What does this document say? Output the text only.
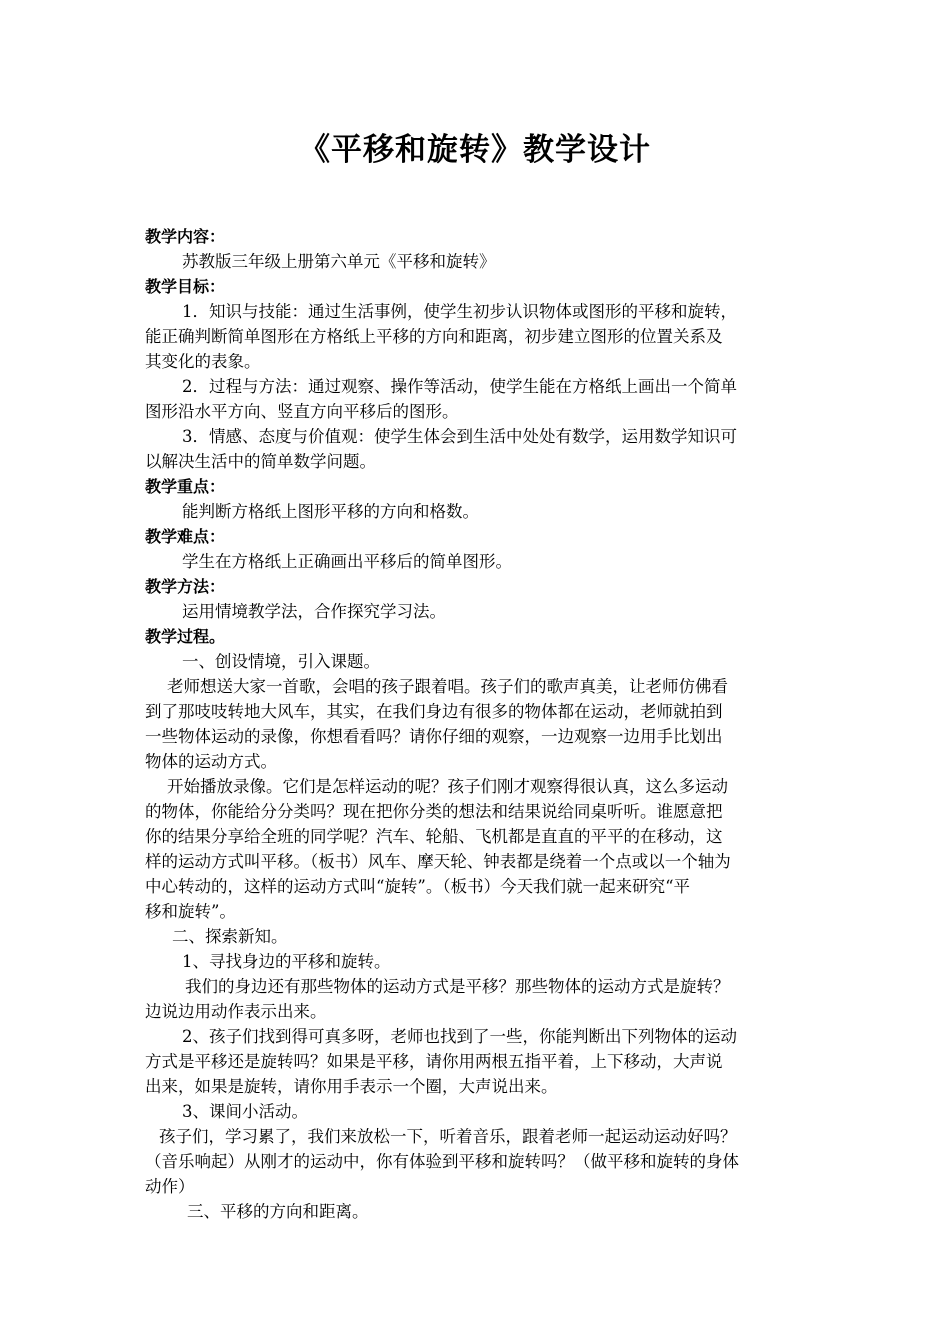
《平移和旋转》教学设计
教学内容：
苏教版三年级上册第六单元《平移和旋转》
教学目标：
1．知识与技能：通过生活事例，使学生初步认识物体或图形的平移和旋转，
能正确判断简单图形在方格纸上平移的方向和距离，初步建立图形的位置关系及
其变化的表象。
2．过程与方法：通过观察、操作等活动，使学生能在方格纸上画出一个简单
图形沿水平方向、竖直方向平移后的图形。
3．情感、态度与价值观：使学生体会到生活中处处有数学，运用数学知识可
以解决生活中的简单数学问题。
教学重点：
能判断方格纸上图形平移的方向和格数。
教学难点：
学生在方格纸上正确画出平移后的简单图形。
教学方法：
运用情境教学法，合作探究学习法。
教学过程。
一、创设情境，引入课题。
老师想送大家一首歌，会唱的孩子跟着唱。孩子们的歌声真美，让老师仿佛看
到了那吱吱转地大风车，其实，在我们身边有很多的物体都在运动，老师就拍到
一些物体运动的录像，你想看看吗？请你仔细的观察，一边观察一边用手比划出
物体的运动方式。
开始播放录像。它们是怎样运动的呢？孩子们刚才观察得很认真，这么多运动
的物体，你能给分分类吗？现在把你分类的想法和结果说给同桌听听。谁愿意把
你的结果分享给全班的同学呢？汽车、轮船、飞机都是直直的平平的在移动，这
样的运动方式叫平移。（板书）风车、摩天轮、钟表都是绕着一个点或以一个轴为
中心转动的，这样的运动方式叫“旋转”。（板书）今天我们就一起来研究“平
移和旋转”。
二、探索新知。
1、寻找身边的平移和旋转。
我们的身边还有那些物体的运动方式是平移？那些物体的运动方式是旋转？
边说边用动作表示出来。
2、孩子们找到得可真多呀，老师也找到了一些，你能判断出下列物体的运动
方式是平移还是旋转吗？如果是平移，请你用两根五指平着，上下移动，大声说
出来，如果是旋转，请你用手表示一个圈，大声说出来。
3、课间小活动。
孩子们，学习累了，我们来放松一下，听着音乐，跟着老师一起运动运动好吗？
（音乐响起）从刚才的运动中，你有体验到平移和旋转吗？（做平移和旋转的身体
动作）
三、平移的方向和距离。
